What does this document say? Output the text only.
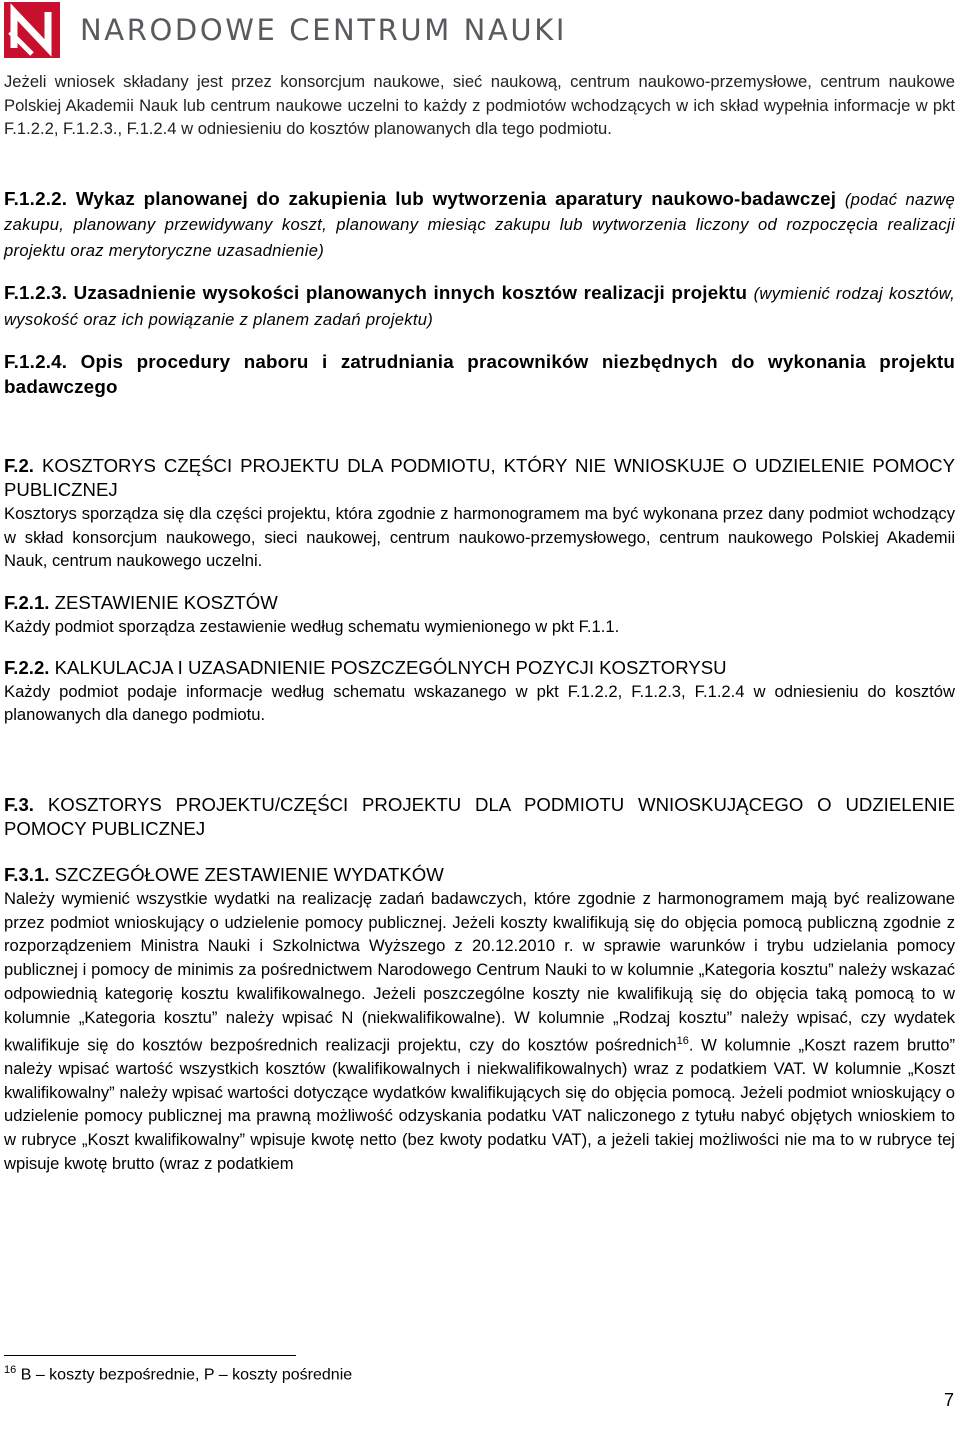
NARODOWE CENTRUM NAUKI

Jeżeli wniosek składany jest przez konsorcjum naukowe, sieć naukową, centrum naukowo-przemysłowe, centrum naukowe Polskiej Akademii Nauk lub centrum naukowe uczelni to każdy z podmiotów wchodzących w ich skład wypełnia informacje w pkt F.1.2.2, F.1.2.3., F.1.2.4 w odniesieniu do kosztów planowanych dla tego podmiotu.

F.1.2.2. Wykaz planowanej do zakupienia lub wytworzenia aparatury naukowo-badawczej (podać nazwę zakupu, planowany przewidywany koszt, planowany miesiąc zakupu lub wytworzenia liczony od rozpoczęcia realizacji projektu oraz merytoryczne uzasadnienie)
F.1.2.3. Uzasadnienie wysokości planowanych innych kosztów realizacji projektu (wymienić rodzaj kosztów, wysokość oraz ich powiązanie z planem zadań projektu)
F.1.2.4. Opis procedury naboru i zatrudniania pracowników niezbędnych do wykonania projektu badawczego
F.2. KOSZTORYS CZĘŚCI PROJEKTU DLA PODMIOTU, KTÓRY NIE WNIOSKUJE O UDZIELENIE POMOCY PUBLICZNEJ

Kosztorys sporządza się dla części projektu, która zgodnie z harmonogramem ma być wykonana przez dany podmiot wchodzący w skład konsorcjum naukowego, sieci naukowej, centrum naukowo-przemysłowego, centrum naukowego Polskiej Akademii Nauk, centrum naukowego uczelni.

F.2.1. ZESTAWIENIE KOSZTÓW

Każdy podmiot sporządza zestawienie według schematu wymienionego w pkt F.1.1.

F.2.2. KALKULACJA I UZASADNIENIE POSZCZEGÓLNYCH POZYCJI KOSZTORYSU

Każdy podmiot podaje informacje według schematu wskazanego w pkt F.1.2.2, F.1.2.3, F.1.2.4 w odniesieniu do kosztów planowanych dla danego podmiotu.

F.3. KOSZTORYS PROJEKTU/CZĘŚCI PROJEKTU DLA PODMIOTU WNIOSKUJĄCEGO O UDZIELENIE POMOCY PUBLICZNEJ
F.3.1. SZCZEGÓŁOWE ZESTAWIENIE WYDATKÓW

Należy wymienić wszystkie wydatki na realizację zadań badawczych, które zgodnie z harmonogramem mają być realizowane przez podmiot wnioskujący o udzielenie pomocy publicznej. Jeżeli koszty kwalifikują się do objęcia pomocą publiczną zgodnie z rozporządzeniem Ministra Nauki i Szkolnictwa Wyższego z 20.12.2010 r. w sprawie warunków i trybu udzielania pomocy publicznej i pomocy de minimis za pośrednictwem Narodowego Centrum Nauki to w kolumnie „Kategoria kosztu” należy wskazać odpowiednią kategorię kosztu kwalifikowalnego. Jeżeli poszczególne koszty nie kwalifikują się do objęcia taką pomocą to w kolumnie „Kategoria kosztu” należy wpisać N (niekwalifikowalne). W kolumnie „Rodzaj kosztu” należy wpisać, czy wydatek kwalifikuje się do kosztów bezpośrednich realizacji projektu, czy do kosztów pośrednich$^{16}$. W kolumnie „Koszt razem brutto” należy wpisać wartość wszystkich kosztów (kwalifikowalnych i niekwalifikowalnych) wraz z podatkiem VAT. W kolumnie „Koszt kwalifikowalny” należy wpisać wartości dotyczące wydatków kwalifikujących się do objęcia pomocą. Jeżeli podmiot wnioskujący o udzielenie pomocy publicznej ma prawną możliwość odzyskania podatku VAT naliczonego z tytułu nabyć objętych wnioskiem to w rubryce „Koszt kwalifikowalny” wpisuje kwotę netto (bez kwoty podatku VAT), a jeżeli takiej możliwości nie ma to w rubryce tej wpisuje kwotę brutto (wraz z podatkiem

$^{16}$ B – koszty bezpośrednie, P – koszty pośrednie
7
